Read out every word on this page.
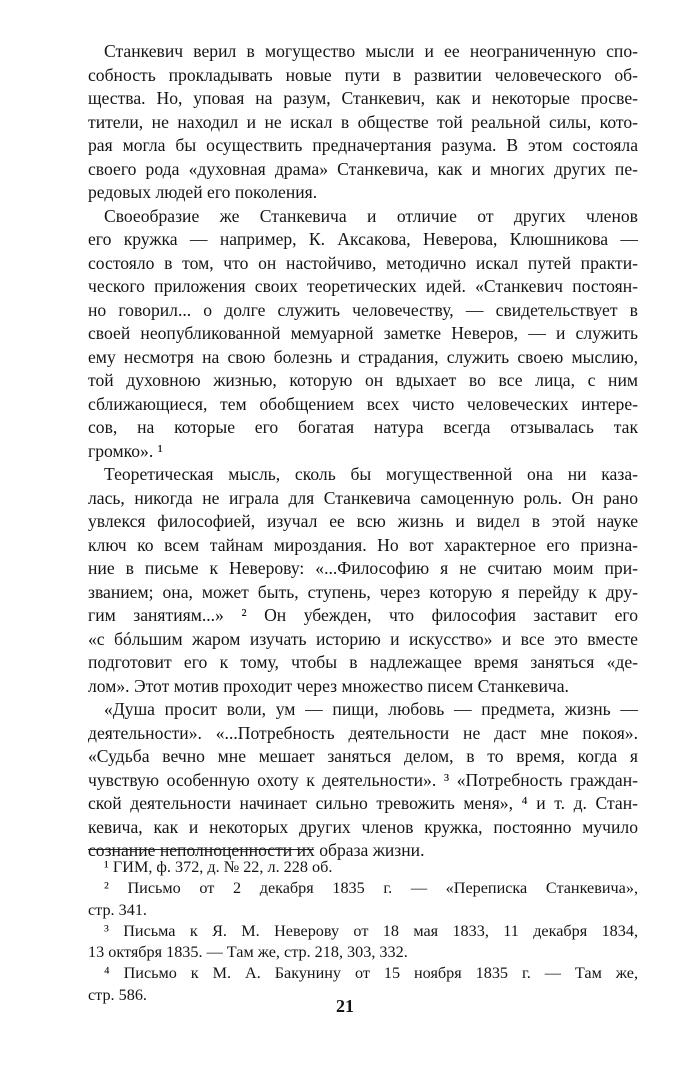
Станкевич верил в могущество мысли и ее неограниченную спо-
собность прокладывать новые пути в развитии человеческого об-
щества. Но, уповая на разум, Станкевич, как и некоторые просве-
тители, не находил и не искал в обществе той реальной силы, кото-
рая могла бы осуществить предначертания разума. В этом состояла
своего рода «духовная драма» Станкевича, как и многих других пе-
редовых людей его поколения.
Своеобразие же Станкевича и отличие от других членов
его кружка — например, К. Аксакова, Неверова, Клюшникова —
состояло в том, что он настойчиво, методично искал путей практи-
ческого приложения своих теоретических идей. «Станкевич постоян-
но говорил... о долге служить человечеству, — свидетельствует в
своей неопубликованной мемуарной заметке Неверов, — и служить
ему несмотря на свою болезнь и страдания, служить своею мыслию,
той духовною жизнью, которую он вдыхает во все лица, с ним
сближающиеся, тем обобщением всех чисто человеческих интере-
сов, на которые его богатая натура всегда отзывалась так
громко». ¹
Теоретическая мысль, сколь бы могущественной она ни каза-
лась, никогда не играла для Станкевича самоценную роль. Он рано
увлекся философией, изучал ее всю жизнь и видел в этой науке
ключ ко всем тайнам мироздания. Но вот характерное его призна-
ние в письме к Неверову: «...Философию я не считаю моим при-
званием; она, может быть, ступень, через которую я перейду к дру-
гим занятиям...» ² Он убежден, что философия заставит его
«с бóльшим жаром изучать историю и искусство» и все это вместе
подготовит его к тому, чтобы в надлежащее время заняться «де-
лом». Этот мотив проходит через множество писем Станкевича.
«Душа просит воли, ум — пищи, любовь — предмета, жизнь —
деятельности». «...Потребность деятельности не даст мне покоя».
«Судьба вечно мне мешает заняться делом, в то время, когда я
чувствую особенную охоту к деятельности». ³ «Потребность граждан-
ской деятельности начинает сильно тревожить меня», ⁴ и т. д. Стан-
кевича, как и некоторых других членов кружка, постоянно мучило
сознание неполноценности их образа жизни.
¹ ГИМ, ф. 372, д. № 22, л. 228 об.
² Письмо от 2 декабря 1835 г. — «Переписка Станкевича»,
стр. 341.
³ Письма к Я. М. Неверову от 18 мая 1833, 11 декабря 1834,
13 октября 1835. — Там же, стр. 218, 303, 332.
⁴ Письмо к М. А. Бакунину от 15 ноября 1835 г. — Там же,
стр. 586.
21
